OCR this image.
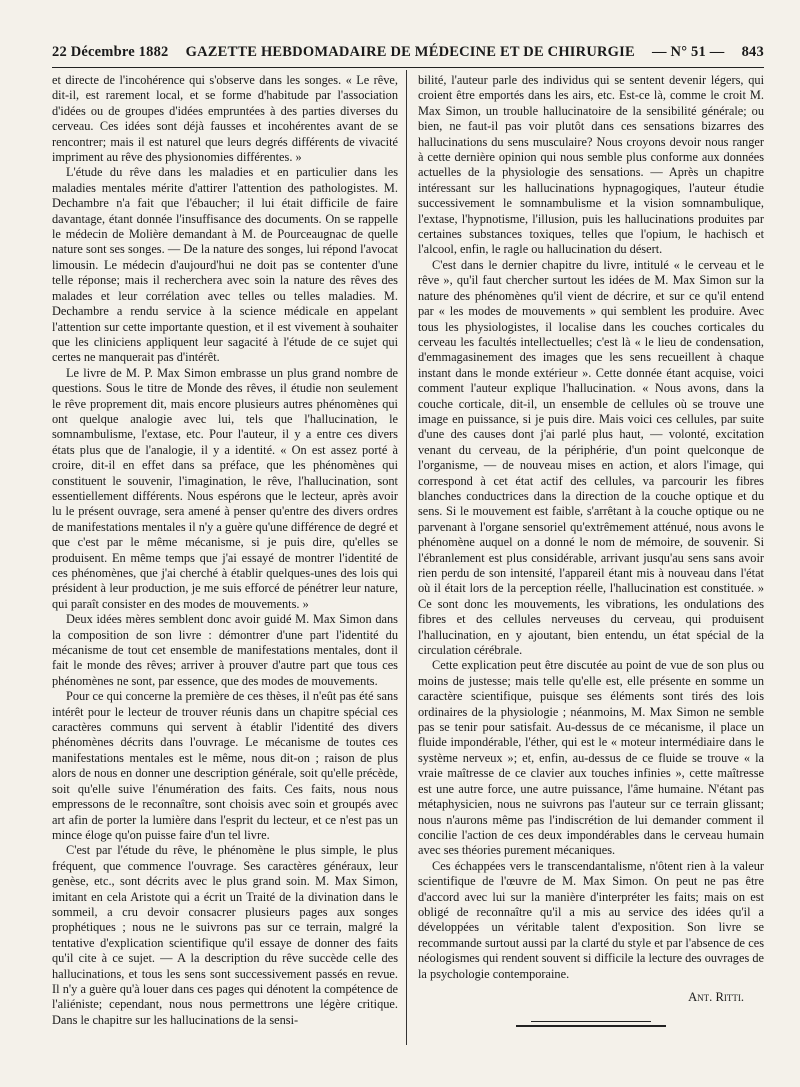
22 Décembre 1882 GAZETTE HEBDOMADAIRE DE MÉDECINE ET DE CHIRURGIE — N° 51 — 843

et directe de l'incohérence qui s'observe dans les songes. « Le rêve, dit-il, est rarement local, et se forme d'habitude par l'association d'idées ou de groupes d'idées empruntées à des parties diverses du cerveau. Ces idées sont déjà fausses et incohérentes avant de se rencontrer; mais il est naturel que leurs degrés différents de vivacité impriment au rêve des physionomies différentes. »

L'étude du rêve dans les maladies et en particulier dans les maladies mentales mérite d'attirer l'attention des pathologistes. M. Dechambre n'a fait que l'ébaucher; il lui était difficile de faire davantage, étant donnée l'insuffisance des documents. On se rappelle le médecin de Molière demandant à M. de Pourceaugnac de quelle nature sont ses songes. — De la nature des songes, lui répond l'avocat limousin. Le médecin d'aujourd'hui ne doit pas se contenter d'une telle réponse; mais il recherchera avec soin la nature des rêves des malades et leur corrélation avec telles ou telles maladies. M. Dechambre a rendu service à la science médicale en appelant l'attention sur cette importante question, et il est vivement à souhaiter que les cliniciens appliquent leur sagacité à l'étude de ce sujet qui certes ne manquerait pas d'intérêt.

Le livre de M. P. Max Simon embrasse un plus grand nombre de questions. Sous le titre de Monde des rêves, il étudie non seulement le rêve proprement dit, mais encore plusieurs autres phénomènes qui ont quelque analogie avec lui, tels que l'hallucination, le somnambulisme, l'extase, etc. Pour l'auteur, il y a entre ces divers états plus que de l'analogie, il y a identité. « On est assez porté à croire, dit-il en effet dans sa préface, que les phénomènes qui constituent le souvenir, l'imagination, le rêve, l'hallucination, sont essentiellement différents. Nous espérons que le lecteur, après avoir lu le présent ouvrage, sera amené à penser qu'entre des divers ordres de manifestations mentales il n'y a guère qu'une différence de degré et que c'est par le même mécanisme, si je puis dire, qu'elles se produisent. En même temps que j'ai essayé de montrer l'identité de ces phénomènes, que j'ai cherché à établir quelques-unes des lois qui président à leur production, je me suis efforcé de pénétrer leur nature, qui paraît consister en des modes de mouvements. »

Deux idées mères semblent donc avoir guidé M. Max Simon dans la composition de son livre : démontrer d'une part l'identité du mécanisme de tout cet ensemble de manifestations mentales, dont il fait le monde des rêves; arriver à prouver d'autre part que tous ces phénomènes ne sont, par essence, que des modes de mouvements.

Pour ce qui concerne la première de ces thèses, il n'eût pas été sans intérêt pour le lecteur de trouver réunis dans un chapitre spécial ces caractères communs qui servent à établir l'identité des divers phénomènes décrits dans l'ouvrage. Le mécanisme de toutes ces manifestations mentales est le même, nous dit-on ; raison de plus alors de nous en donner une description générale, soit qu'elle précède, soit qu'elle suive l'énumération des faits. Ces faits, nous nous empressons de le reconnaître, sont choisis avec soin et groupés avec art afin de porter la lumière dans l'esprit du lecteur, et ce n'est pas un mince éloge qu'on puisse faire d'un tel livre.

C'est par l'étude du rêve, le phénomène le plus simple, le plus fréquent, que commence l'ouvrage. Ses caractères généraux, leur genèse, etc., sont décrits avec le plus grand soin. M. Max Simon, imitant en cela Aristote qui a écrit un Traité de la divination dans le sommeil, a cru devoir consacrer plusieurs pages aux songes prophétiques ; nous ne le suivrons pas sur ce terrain, malgré la tentative d'explication scientifique qu'il essaye de donner des faits qu'il cite à ce sujet. — A la description du rêve succède celle des hallucinations, et tous les sens sont successivement passés en revue. Il n'y a guère qu'à louer dans ces pages qui dénotent la compétence de l'aliéniste; cependant, nous nous permettrons une légère critique. Dans le chapitre sur les hallucinations de la sensi-

bilité, l'auteur parle des individus qui se sentent devenir légers, qui croient être emportés dans les airs, etc. Est-ce là, comme le croit M. Max Simon, un trouble hallucinatoire de la sensibilité générale; ou bien, ne faut-il pas voir plutôt dans ces sensations bizarres des hallucinations du sens musculaire? Nous croyons devoir nous ranger à cette dernière opinion qui nous semble plus conforme aux données actuelles de la physiologie des sensations. — Après un chapitre intéressant sur les hallucinations hypnagogiques, l'auteur étudie successivement le somnambulisme et la vision somnambulique, l'extase, l'hypnotisme, l'illusion, puis les hallucinations produites par certaines substances toxiques, telles que l'opium, le hachisch et l'alcool, enfin, le ragle ou hallucination du désert.

C'est dans le dernier chapitre du livre, intitulé « le cerveau et le rêve », qu'il faut chercher surtout les idées de M. Max Simon sur la nature des phénomènes qu'il vient de décrire, et sur ce qu'il entend par « les modes de mouvements » qui semblent les produire. Avec tous les physiologistes, il localise dans les couches corticales du cerveau les facultés intellectuelles; c'est là « le lieu de condensation, d'emmagasinement des images que les sens recueillent à chaque instant dans le monde extérieur ». Cette donnée étant acquise, voici comment l'auteur explique l'hallucination. « Nous avons, dans la couche corticale, dit-il, un ensemble de cellules où se trouve une image en puissance, si je puis dire. Mais voici ces cellules, par suite d'une des causes dont j'ai parlé plus haut, — volonté, excitation venant du cerveau, de la périphérie, d'un point quelconque de l'organisme, — de nouveau mises en action, et alors l'image, qui correspond à cet état actif des cellules, va parcourir les fibres blanches conductrices dans la direction de la couche optique et du sens. Si le mouvement est faible, s'arrêtant à la couche optique ou ne parvenant à l'organe sensoriel qu'extrêmement atténué, nous avons le phénomène auquel on a donné le nom de mémoire, de souvenir. Si l'ébranlement est plus considérable, arrivant jusqu'au sens sans avoir rien perdu de son intensité, l'appareil étant mis à nouveau dans l'état où il était lors de la perception réelle, l'hallucination est constituée. » Ce sont donc les mouvements, les vibrations, les ondulations des fibres et des cellules nerveuses du cerveau, qui produisent l'hallucination, en y ajoutant, bien entendu, un état spécial de la circulation cérébrale.

Cette explication peut être discutée au point de vue de son plus ou moins de justesse; mais telle qu'elle est, elle présente en somme un caractère scientifique, puisque ses éléments sont tirés des lois ordinaires de la physiologie ; néanmoins, M. Max Simon ne semble pas se tenir pour satisfait. Au-dessus de ce mécanisme, il place un fluide impondérable, l'éther, qui est le « moteur intermédiaire dans le système nerveux »; et, enfin, au-dessus de ce fluide se trouve « la vraie maîtresse de ce clavier aux touches infinies », cette maîtresse est une autre force, une autre puissance, l'âme humaine. N'étant pas métaphysicien, nous ne suivrons pas l'auteur sur ce terrain glissant; nous n'aurons même pas l'indiscrétion de lui demander comment il concilie l'action de ces deux impondérables dans le cerveau humain avec ses théories purement mécaniques.

Ces échappées vers le transcendantalisme, n'ôtent rien à la valeur scientifique de l'œuvre de M. Max Simon. On peut ne pas être d'accord avec lui sur la manière d'interpréter les faits; mais on est obligé de reconnaître qu'il a mis au service des idées qu'il a développées un véritable talent d'exposition. Son livre se recommande surtout aussi par la clarté du style et par l'absence de ces néologismes qui rendent souvent si difficile la lecture des ouvrages de la psychologie contemporaine.

Ant. Ritti.
